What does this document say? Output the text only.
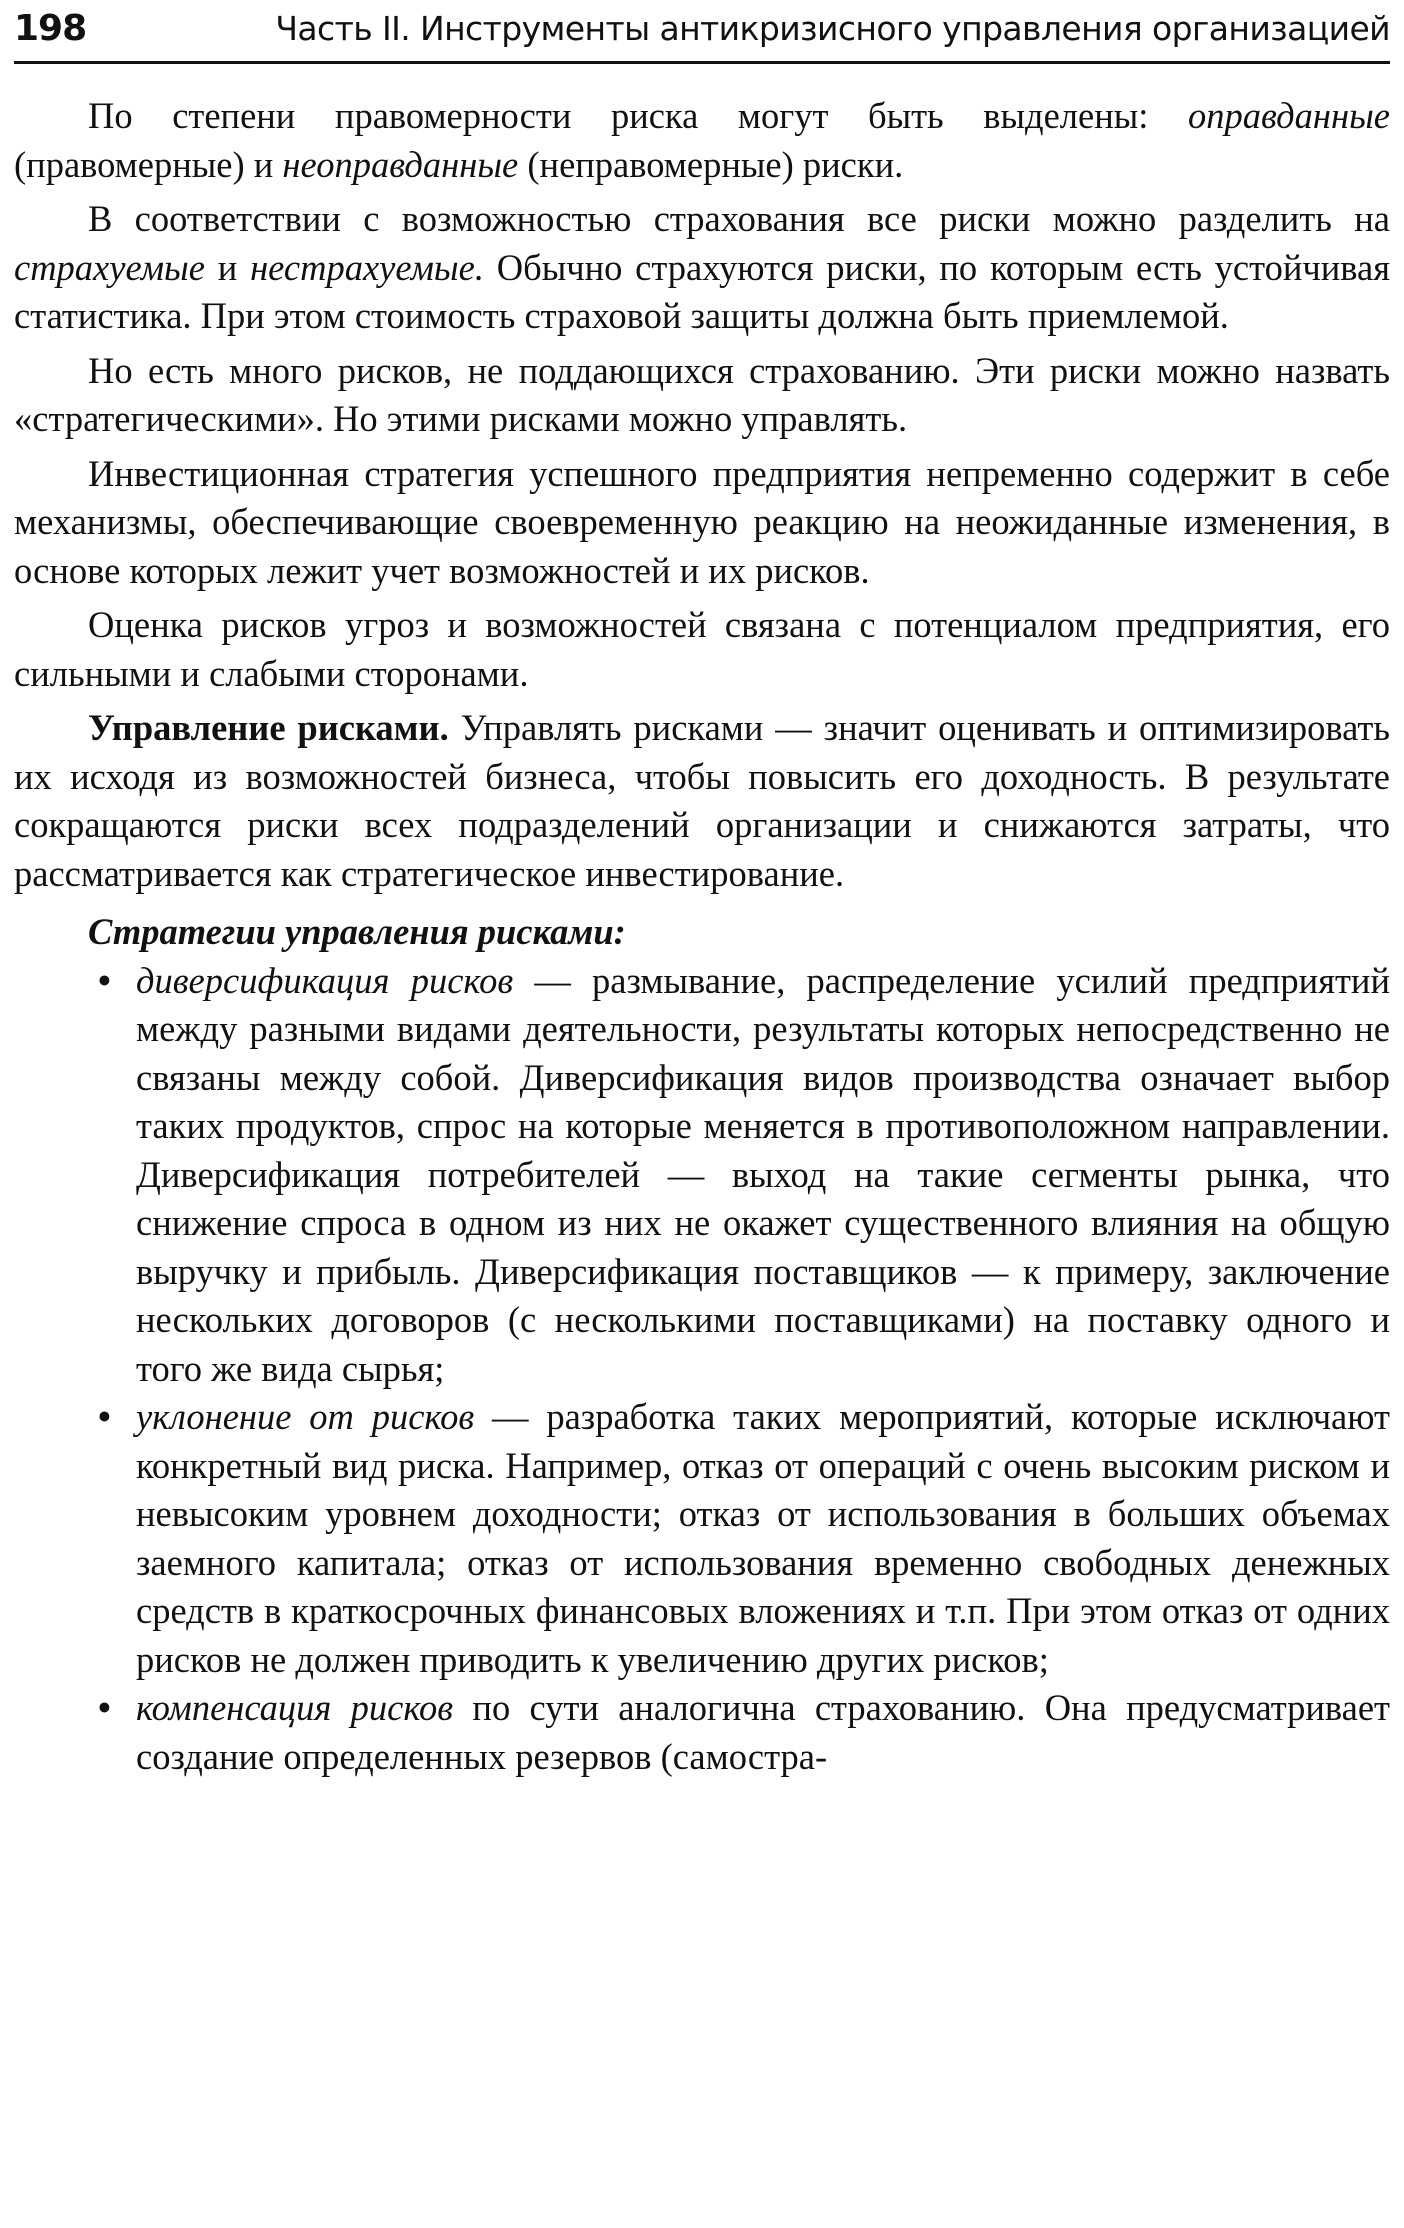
198	Часть II. Инструменты антикризисного управления организацией

По степени правомерности риска могут быть выделены: оправданные (правомерные) и неоправданные (неправомерные) риски.

В соответствии с возможностью страхования все риски можно разделить на страхуемые и нестрахуемые. Обычно страхуются риски, по которым есть устойчивая статистика. При этом стоимость страховой защиты должна быть приемлемой.

Но есть много рисков, не поддающихся страхованию. Эти риски можно назвать «стратегическими». Но этими рисками можно управлять.

Инвестиционная стратегия успешного предприятия непременно содержит в себе механизмы, обеспечивающие своевременную реакцию на неожиданные изменения, в основе которых лежит учет возможностей и их рисков.

Оценка рисков угроз и возможностей связана с потенциалом предприятия, его сильными и слабыми сторонами.

Управление рисками. Управлять рисками — значит оценивать и оптимизировать их исходя из возможностей бизнеса, чтобы повысить его доходность. В результате сокращаются риски всех подразделений организации и снижаются затраты, что рассматривается как стратегическое инвестирование.

Стратегии управления рисками:
• диверсификация рисков — размывание, распределение усилий предприятий между разными видами деятельности, результаты которых непосредственно не связаны между собой. Диверсификация видов производства означает выбор таких продуктов, спрос на которые меняется в противоположном направлении. Диверсификация потребителей — выход на такие сегменты рынка, что снижение спроса в одном из них не окажет существенного влияния на общую выручку и прибыль. Диверсификация поставщиков — к примеру, заключение нескольких договоров (с несколькими поставщиками) на поставку одного и того же вида сырья;
• уклонение от рисков — разработка таких мероприятий, которые исключают конкретный вид риска. Например, отказ от операций с очень высоким риском и невысоким уровнем доходности; отказ от использования в больших объемах заемного капитала; отказ от использования временно свободных денежных средств в краткосрочных финансовых вложениях и т.п. При этом отказ от одних рисков не должен приводить к увеличению других рисков;
• компенсация рисков по сути аналогична страхованию. Она предусматривает создание определенных резервов (самостра-
